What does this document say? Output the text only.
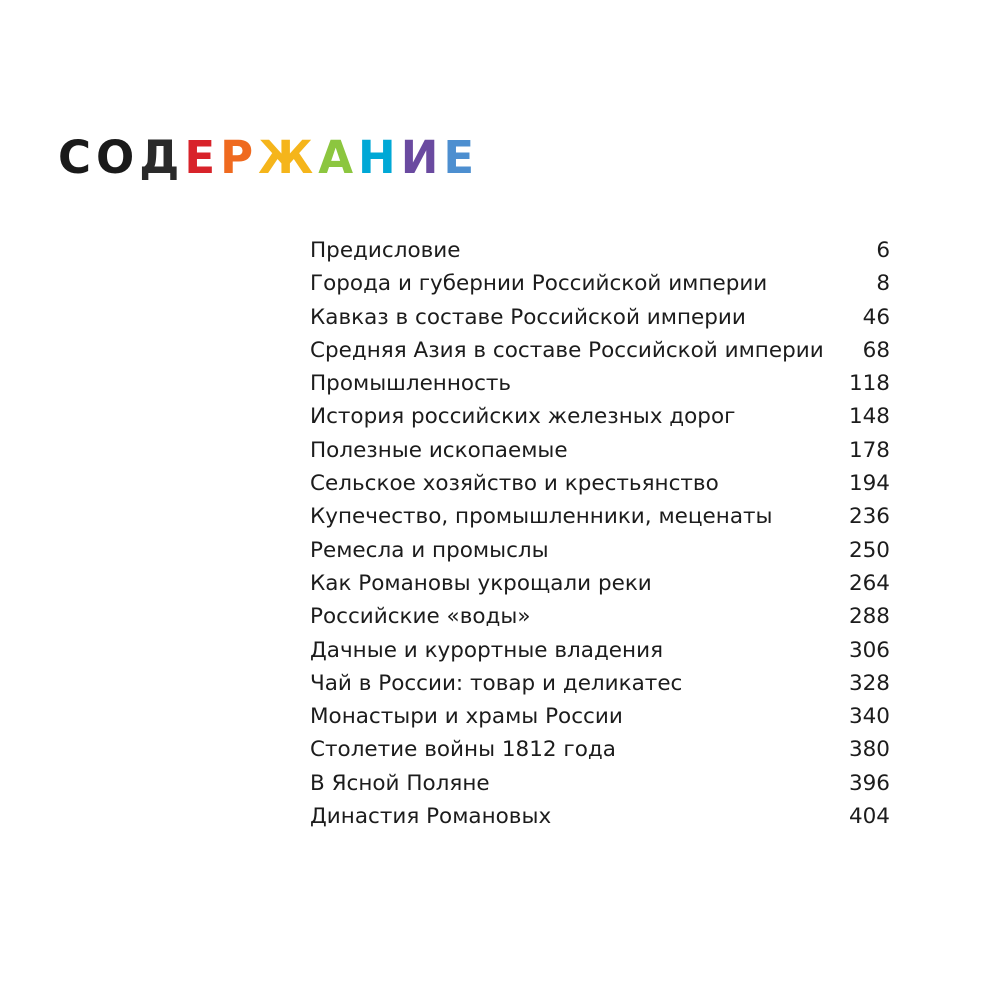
СОДЕРЖАНИЕ
Предисловие	6
Города и губернии Российской империи	8
Кавказ в составе Российской империи	46
Средняя Азия в составе Российской империи	68
Промышленность	118
История российских железных дорог	148
Полезные ископаемые	178
Сельское хозяйство и крестьянство	194
Купечество, промышленники, меценаты	236
Ремесла и промыслы	250
Как Романовы укрощали реки	264
Российские «воды»	288
Дачные и курортные владения	306
Чай в России: товар и деликатес	328
Монастыри и храмы России	340
Столетие войны 1812 года	380
В Ясной Поляне	396
Династия Романовых	404
